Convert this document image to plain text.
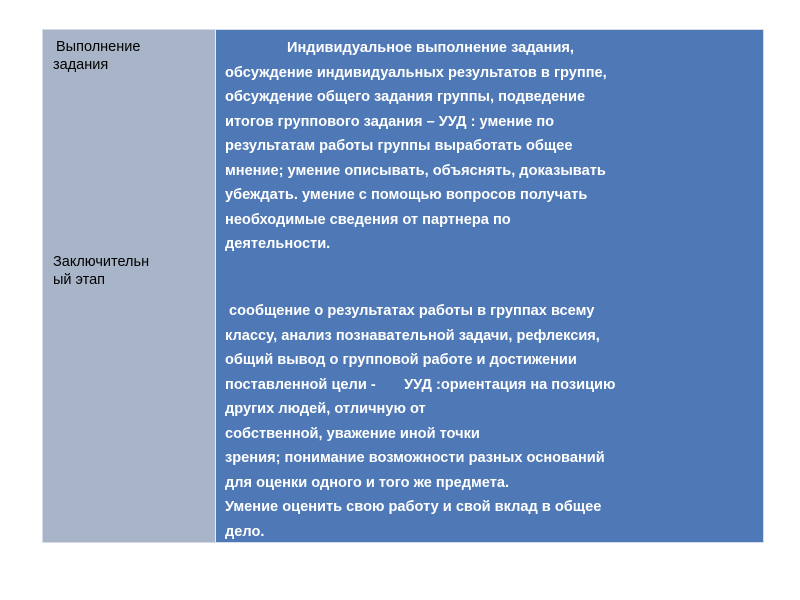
Выполнение
задания
Заключительн
ый этап
Индивидуальное выполнение задания,
обсуждение индивидуальных результатов в группе,
обсуждение общего задания группы, подведение
итогов группового задания – УУД : умение по
результатам работы группы выработать общее
мнение; умение описывать, объяснять, доказывать
убеждать. умение с помощью вопросов получать
необходимые сведения от партнера по
деятельности.
сообщение о результатах работы в группах всему
классу, анализ познавательной задачи, рефлексия,
общий вывод о групповой работе и достижении
поставленной цели -       УУД :ориентация на позицию
других людей, отличную от
собственной, уважение иной точки
зрения; понимание возможности разных оснований
для оценки одного и того же предмета.
Умение оценить свою работу и свой вклад в общее
дело.
